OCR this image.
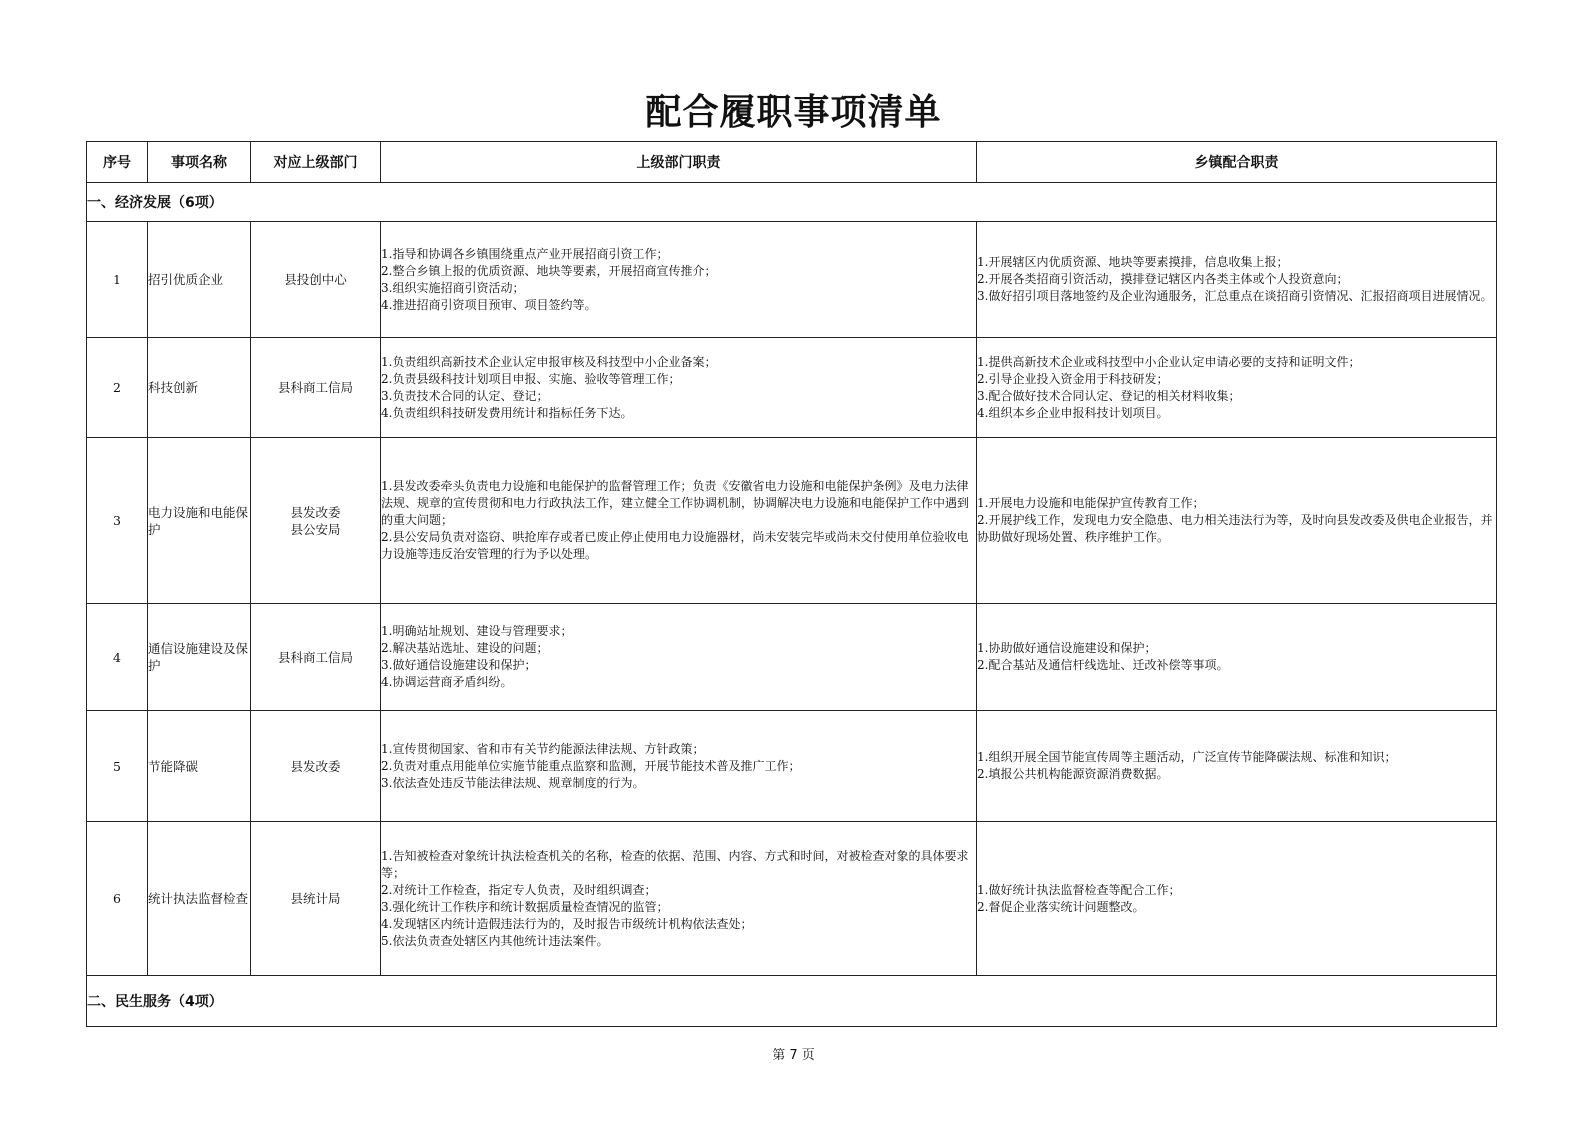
配合履职事项清单
序号	事项名称	对应上级部门	上级部门职责	乡镇配合职责
一、经济发展（6项）				
1	招引优质企业	县投创中心	1.指导和协调各乡镇围绕重点产业开展招商引资工作；
2.整合乡镇上报的优质资源、地块等要素，开展招商宣传推介；
3.组织实施招商引资活动；
4.推进招商引资项目预审、项目签约等。	1.开展辖区内优质资源、地块等要素摸排，信息收集上报；
2.开展各类招商引资活动，摸排登记辖区内各类主体或个人投资意向；
3.做好招引项目落地签约及企业沟通服务，汇总重点在谈招商引资情况、汇报招商项目进展情况。

2	科技创新	县科商工信局	1.负责组织高新技术企业认定申报审核及科技型中小企业备案；
2.负责县级科技计划项目申报、实施、验收等管理工作；
3.负责技术合同的认定、登记；
4.负责组织科技研发费用统计和指标任务下达。	1.提供高新技术企业或科技型中小企业认定申请必要的支持和证明文件；
2.引导企业投入资金用于科技研发；
3.配合做好技术合同认定、登记的相关材料收集；
4.组织本乡企业申报科技计划项目。

3	电力设施和电能保护	县发改委
县公安局	1.县发改委牵头负责电力设施和电能保护的监督管理工作；负责《安徽省电力设施和电能保护条例》及电力法律法规、规章的宣传贯彻和电力行政执法工作，建立健全工作协调机制，协调解决电力设施和电能保护工作中遇到的重大问题；
2.县公安局负责对盗窃、哄抢库存或者已废止停止使用电力设施器材，尚未安装完毕或尚未交付使用单位验收电力设施等违反治安管理的行为予以处理。	1.开展电力设施和电能保护宣传教育工作；
2.开展护线工作，发现电力安全隐患、电力相关违法行为等，及时向县发改委及供电企业报告，并协助做好现场处置、秩序维护工作。

4	通信设施建设及保护	县科商工信局	1.明确站址规划、建设与管理要求；
2.解决基站选址、建设的问题；
3.做好通信设施建设和保护；
4.协调运营商矛盾纠纷。	1.协助做好通信设施建设和保护；
2.配合基站及通信杆线选址、迁改补偿等事项。

5	节能降碳	县发改委	1.宣传贯彻国家、省和市有关节约能源法律法规、方针政策；
2.负责对重点用能单位实施节能重点监察和监测，开展节能技术普及推广工作；
3.依法查处违反节能法律法规、规章制度的行为。	1.组织开展全国节能宣传周等主题活动，广泛宣传节能降碳法规、标准和知识；
2.填报公共机构能源资源消费数据。

6	统计执法监督检查	县统计局	1.告知被检查对象统计执法检查机关的名称，检查的依据、范围、内容、方式和时间，对被检查对象的具体要求等；
2.对统计工作检查，指定专人负责，及时组织调查；
3.强化统计工作秩序和统计数据质量检查情况的监管；
4.发现辖区内统计造假违法行为的，及时报告市级统计机构依法查处；
5.依法负责查处辖区内其他统计违法案件。	1.做好统计执法监督检查等配合工作；
2.督促企业落实统计问题整改。

二、民生服务（4项）				
第 7 页
